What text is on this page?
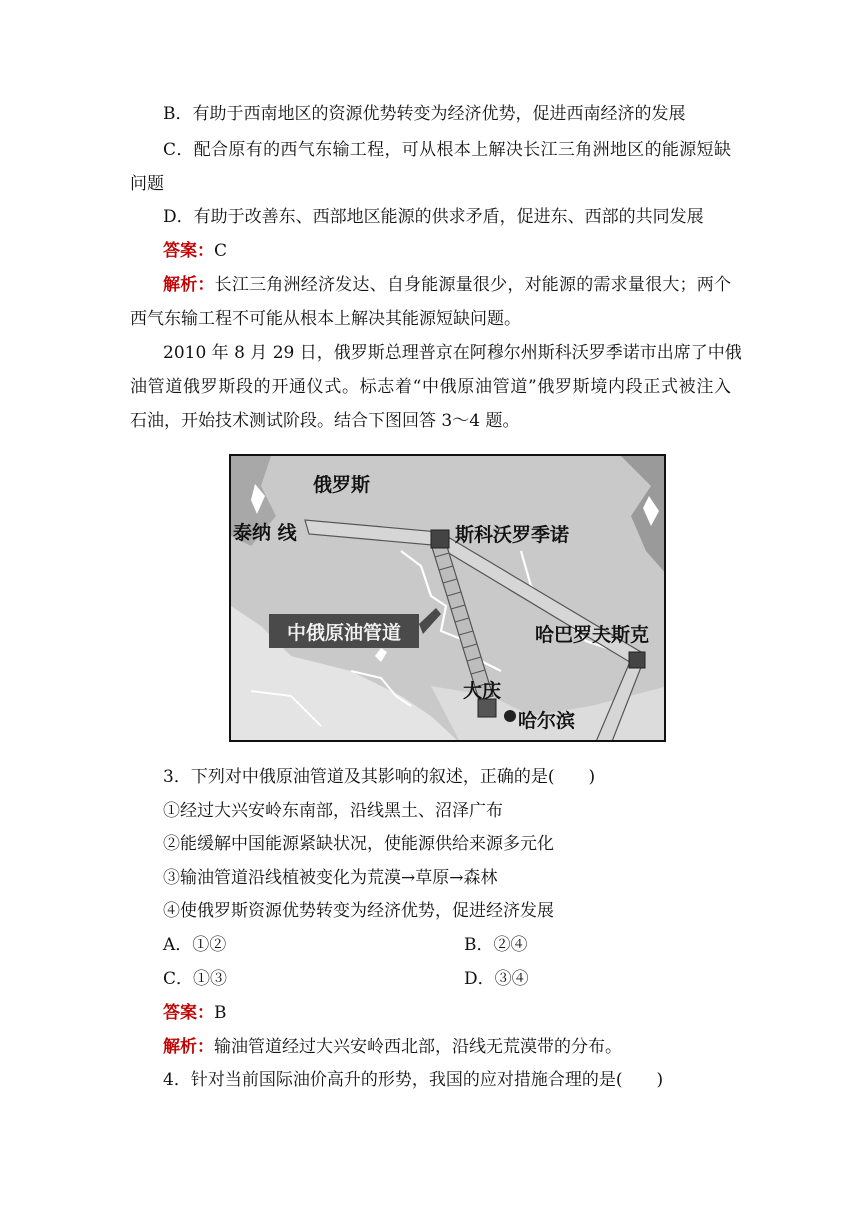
B．有助于西南地区的资源优势转变为经济优势，促进西南经济的发展
C．配合原有的西气东输工程，可从根本上解决长江三角洲地区的能源短缺
问题
D．有助于改善东、西部地区能源的供求矛盾，促进东、西部的共同发展
答案：C
解析：长江三角洲经济发达、自身能源量很少，对能源的需求量很大；两个
西气东输工程不可能从根本上解决其能源短缺问题。
2010 年 8 月 29 日，俄罗斯总理普京在阿穆尔州斯科沃罗季诺市出席了中俄
油管道俄罗斯段的开通仪式。标志着“中俄原油管道”俄罗斯境内段正式被注入
石油，开始技术测试阶段。结合下图回答 3～4 题。
俄罗斯
泰纳 线	斯科沃罗季诺
中俄原油管道	哈巴罗夫斯克
大庆
哈尔滨
3．下列对中俄原油管道及其影响的叙述，正确的是(　　)
①经过大兴安岭东南部，沿线黑土、沼泽广布
②能缓解中国能源紧缺状况，使能源供给来源多元化
③输油管道沿线植被变化为荒漠→草原→森林
④使俄罗斯资源优势转变为经济优势，促进经济发展
A．①②	B．②④
C．①③	D．③④
答案：B
解析：输油管道经过大兴安岭西北部，沿线无荒漠带的分布。
4．针对当前国际油价高升的形势，我国的应对措施合理的是(　　)
